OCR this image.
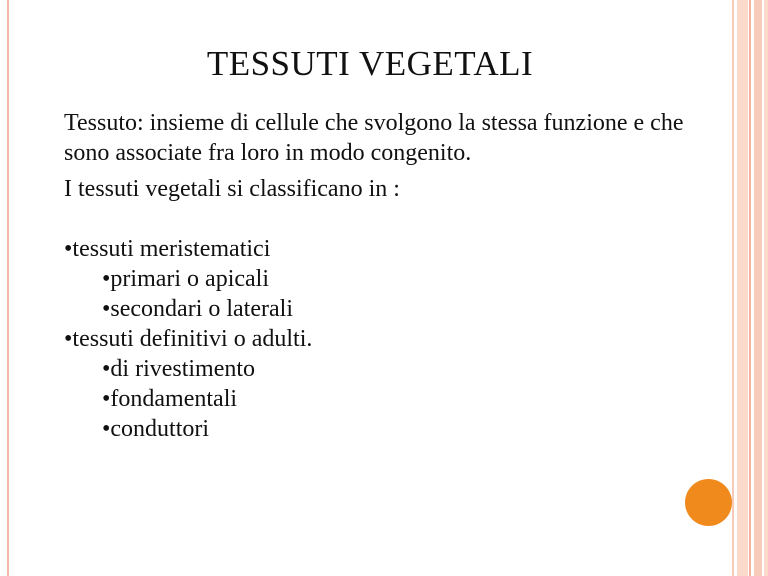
TESSUTI VEGETALI

Tessuto: insieme di cellule che svolgono la stessa funzione e che sono associate fra loro in modo congenito.

I tessuti vegetali si classificano in :

•tessuti meristematici
•primari o apicali
•secondari o laterali
•tessuti definitivi o adulti.
•di rivestimento
•fondamentali
•conduttori
